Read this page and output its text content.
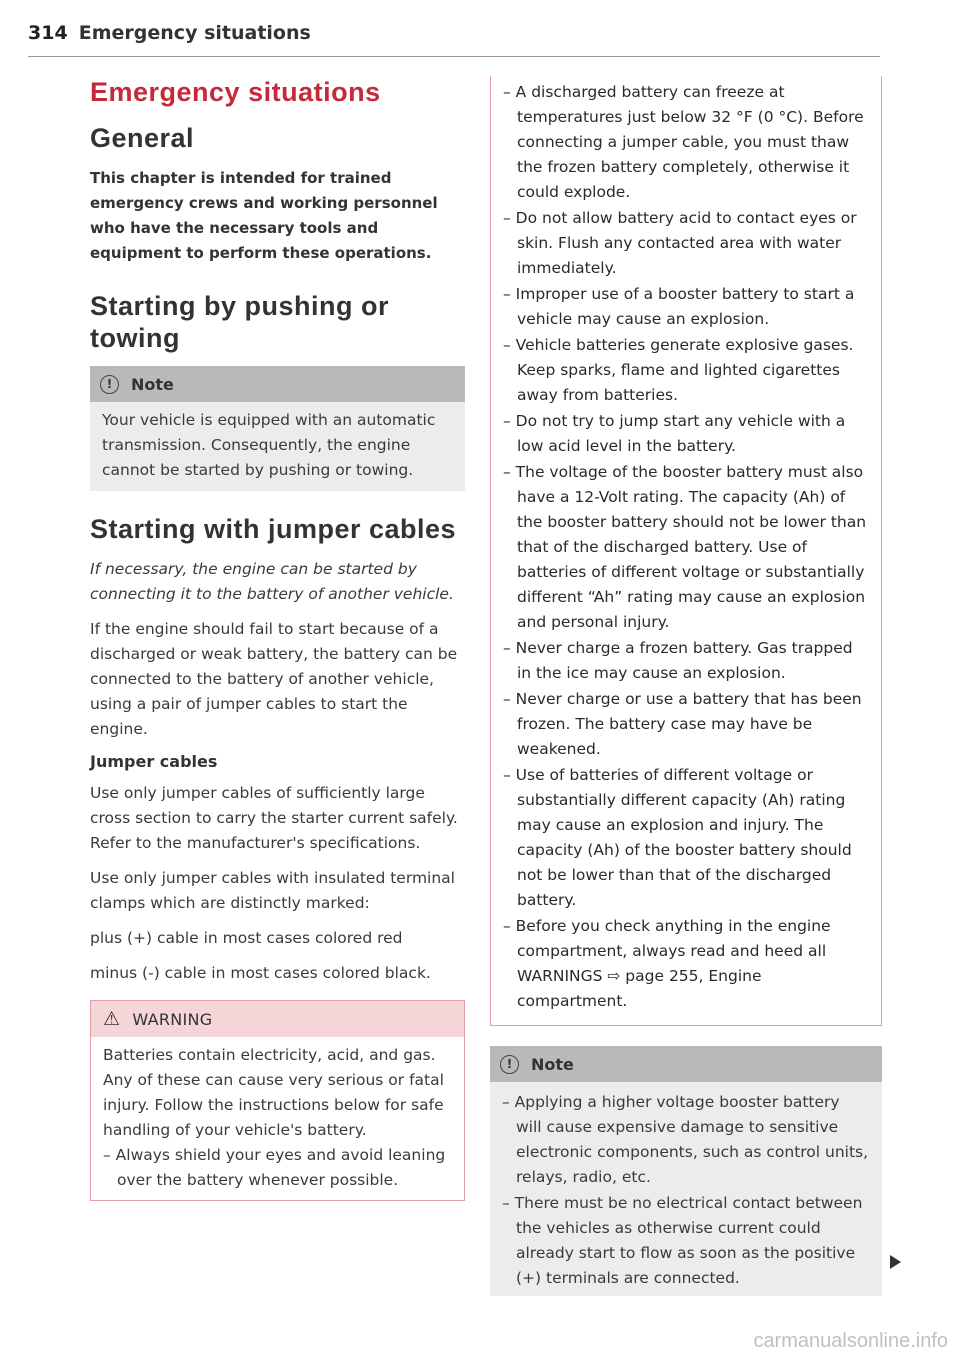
314 Emergency situations
Emergency situations
General
This chapter is intended for trained emergency crews and working personnel who have the necessary tools and equipment to perform these operations.
Starting by pushing or towing
!	Note
Your vehicle is equipped with an automatic transmission. Consequently, the engine cannot be started by pushing or towing.
Starting with jumper cables

If necessary, the engine can be started by connecting it to the battery of another vehicle.

If the engine should fail to start because of a discharged or weak battery, the battery can be connected to the battery of another vehicle, using a pair of jumper cables to start the engine.

Jumper cables

Use only jumper cables of sufficiently large cross section to carry the starter current safely. Refer to the manufacturer's specifications.

Use only jumper cables with insulated terminal clamps which are distinctly marked:

plus (+) cable in most cases colored red

minus (-) cable in most cases colored black.

⚠ WARNING
Batteries contain electricity, acid, and gas. Any of these can cause very serious or fatal injury. Follow the instructions below for safe handling of your vehicle's battery.
– Always shield your eyes and avoid leaning over the battery whenever possible.
– A discharged battery can freeze at temperatures just below 32 °F (0 °C). Before connecting a jumper cable, you must thaw the frozen battery completely, otherwise it could explode.
– Do not allow battery acid to contact eyes or skin. Flush any contacted area with water immediately.
– Improper use of a booster battery to start a vehicle may cause an explosion.
– Vehicle batteries generate explosive gases. Keep sparks, flame and lighted cigarettes away from batteries.
– Do not try to jump start any vehicle with a low acid level in the battery.
– The voltage of the booster battery must also have a 12-Volt rating. The capacity (Ah) of the booster battery should not be lower than that of the discharged battery. Use of batteries of different voltage or substantially different “Ah” rating may cause an explosion and personal injury.
– Never charge a frozen battery. Gas trapped in the ice may cause an explosion.
– Never charge or use a battery that has been frozen. The battery case may have be weakened.
– Use of batteries of different voltage or substantially different capacity (Ah) rating may cause an explosion and injury. The capacity (Ah) of the booster battery should not be lower than that of the discharged battery.
– Before you check anything in the engine compartment, always read and heed all WARNINGS ⇨ page 255, Engine compartment.
!	Note
– Applying a higher voltage booster battery will cause expensive damage to sensitive electronic components, such as control units, relays, radio, etc.
– There must be no electrical contact between the vehicles as otherwise current could already start to flow as soon as the positive (+) terminals are connected.
carmanualsonline.info
